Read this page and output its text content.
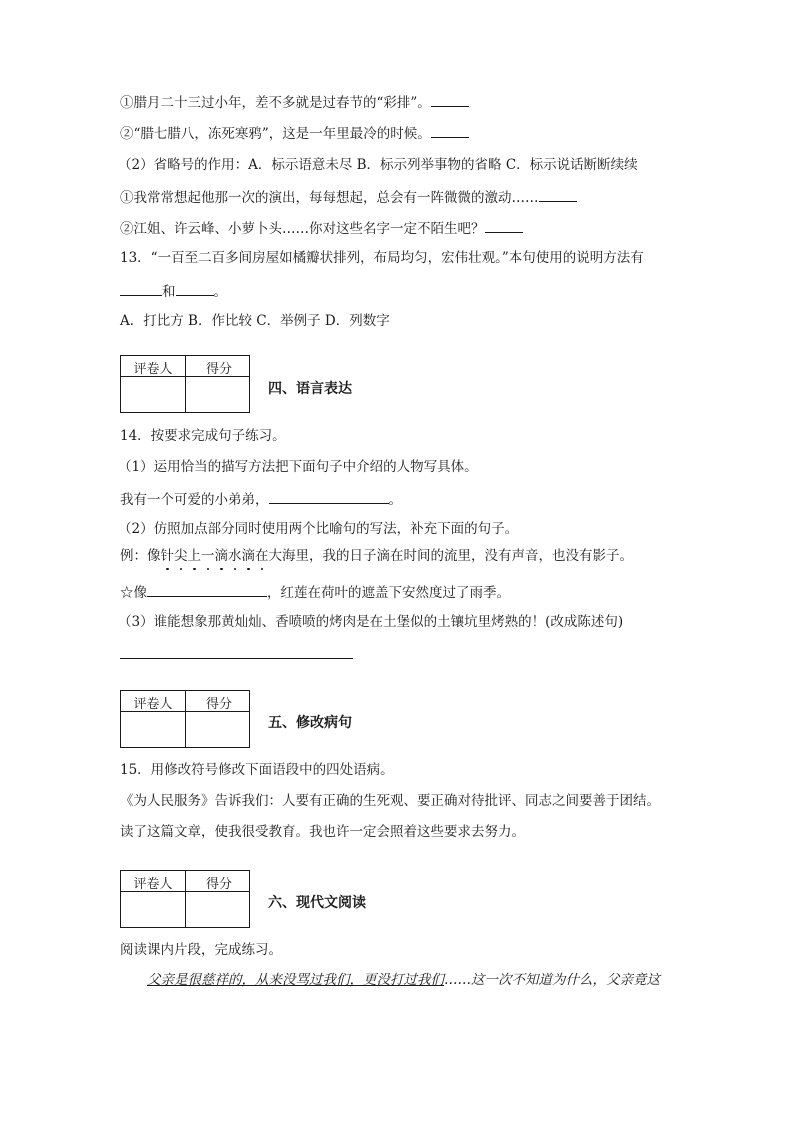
①腊月二十三过小年，差不多就是过春节的“彩排”。
②“腊七腊八，冻死寒鸦”，这是一年里最冷的时候。
（2）省略号的作用：A．标示语意未尽 B．标示列举事物的省略 C．标示说话断断续续
①我常常想起他那一次的演出，每每想起，总会有一阵微微的激动……
②江姐、许云峰、小萝卜头……你对这些名字一定不陌生吧？
13．“一百至二百多间房屋如橘瓣状排列，布局均匀，宏伟壮观。”本句使用的说明方法有
和	。
A．打比方 B．作比较 C．举例子 D．列数字
评卷人	得分
四、语言表达
14．按要求完成句子练习。
（1）运用恰当的描写方法把下面句子中介绍的人物写具体。
我有一个可爱的小弟弟，	。
（2）仿照加点部分同时使用两个比喻句的写法，补充下面的句子。
例：像针尖上一滴水滴在
大海里，我的日子滴在时间的流里，没有声音，也没有影子。
☆像	，红莲在荷叶的遮盖下安然度过了雨季。
（3）谁能想象那黄灿灿、香喷喷的烤肉是在土堡似的土镶坑里烤熟的！(改成陈述句)
评卷人	得分
五、修改病句
15．用修改符号修改下面语段中的四处语病。
《为人民服务》告诉我们：人要有正确的生死观、要正确对待批评、同志之间要善于团结。
读了这篇文章，使我很受教育。我也许一定会照着这些要求去努力。
评卷人	得分
六、现代文阅读
阅读课内片段，完成练习。
父亲是很慈祥的，从来没骂过我们，更没打过我们……这一次不知道为什么，父亲竟这
